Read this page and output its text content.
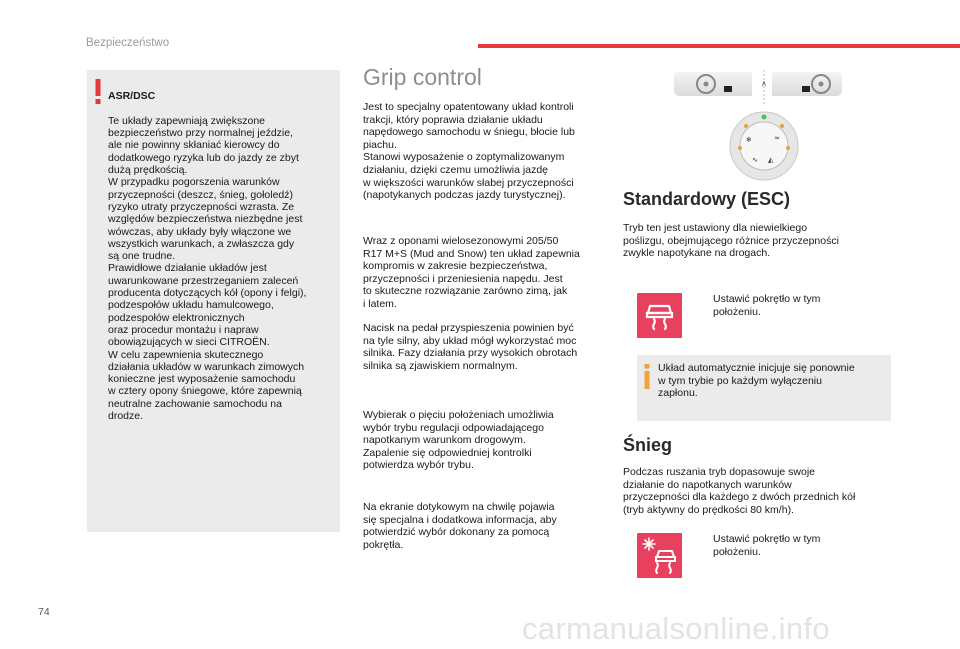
Bezpieczeństwo

ASR/DSC

Te układy zapewniają zwiększone
bezpieczeństwo przy normalnej jeździe,
ale nie powinny skłaniać kierowcy do
dodatkowego ryzyka lub do jazdy ze zbyt
dużą prędkością.
W przypadku pogorszenia warunków
przyczepności (deszcz, śnieg, gołoledź)
ryzyko utraty przyczepności wzrasta. Ze
względów bezpieczeństwa niezbędne jest
wówczas, aby układy były włączone we
wszystkich warunkach, a zwłaszcza gdy
są one trudne.
Prawidłowe działanie układów jest
uwarunkowane przestrzeganiem zaleceń
producenta dotyczących kół (opony i felgi),
podzespołów układu hamulcowego,
podzespołów elektronicznych
oraz procedur montażu i napraw
obowiązujących w sieci CITROËN.
W celu zapewnienia skutecznego
działania układów w warunkach zimowych
konieczne jest wyposażenie samochodu
w cztery opony śniegowe, które zapewnią
neutralne zachowanie samochodu na
drodze.

Grip control
Jest to specjalny opatentowany układ kontroli
trakcji, który poprawia działanie układu
napędowego samochodu w śniegu, błocie lub
piachu.
Stanowi wyposażenie o zoptymalizowanym
działaniu, dzięki czemu umożliwia jazdę
w większości warunków słabej przyczepności
(napotykanych podczas jazdy turystycznej).
Wraz z oponami wielosezonowymi 205/50
R17 M+S (Mud and Snow) ten układ zapewnia
kompromis w zakresie bezpieczeństwa,
przyczepności i przeniesienia napędu. Jest
to skuteczne rozwiązanie zarówno zimą, jak
i latem.
Nacisk na pedał przyspieszenia powinien być
na tyle silny, aby układ mógł wykorzystać moc
silnika. Fazy działania przy wysokich obrotach
silnika są zjawiskiem normalnym.
Wybierak o pięciu położeniach umożliwia
wybór trybu regulacji odpowiadającego
napotkanym warunkom drogowym.
Zapalenie się odpowiedniej kontrolki
potwierdza wybór trybu.
Na ekranie dotykowym na chwilę pojawia
się specjalna i dodatkowa informacja, aby
potwierdzić wybór dokonany za pomocą
pokrętła.
∧
❄	≈
∿ ◭
Standardowy (ESC)
Tryb ten jest ustawiony dla niewielkiego
poślizgu, obejmującego różnice przyczepności
zwykle napotykane na drogach.
Ustawić pokrętło w tym
położeniu.
Układ automatycznie inicjuje się ponownie
w tym trybie po każdym wyłączeniu
zapłonu.
Śnieg
Podczas ruszania tryb dopasowuje swoje
działanie do napotkanych warunków
przyczepności dla każdego z dwóch przednich kół
(tryb aktywny do prędkości 80 km/h).
Ustawić pokrętło w tym
położeniu.
74	carmanualsonline.info
